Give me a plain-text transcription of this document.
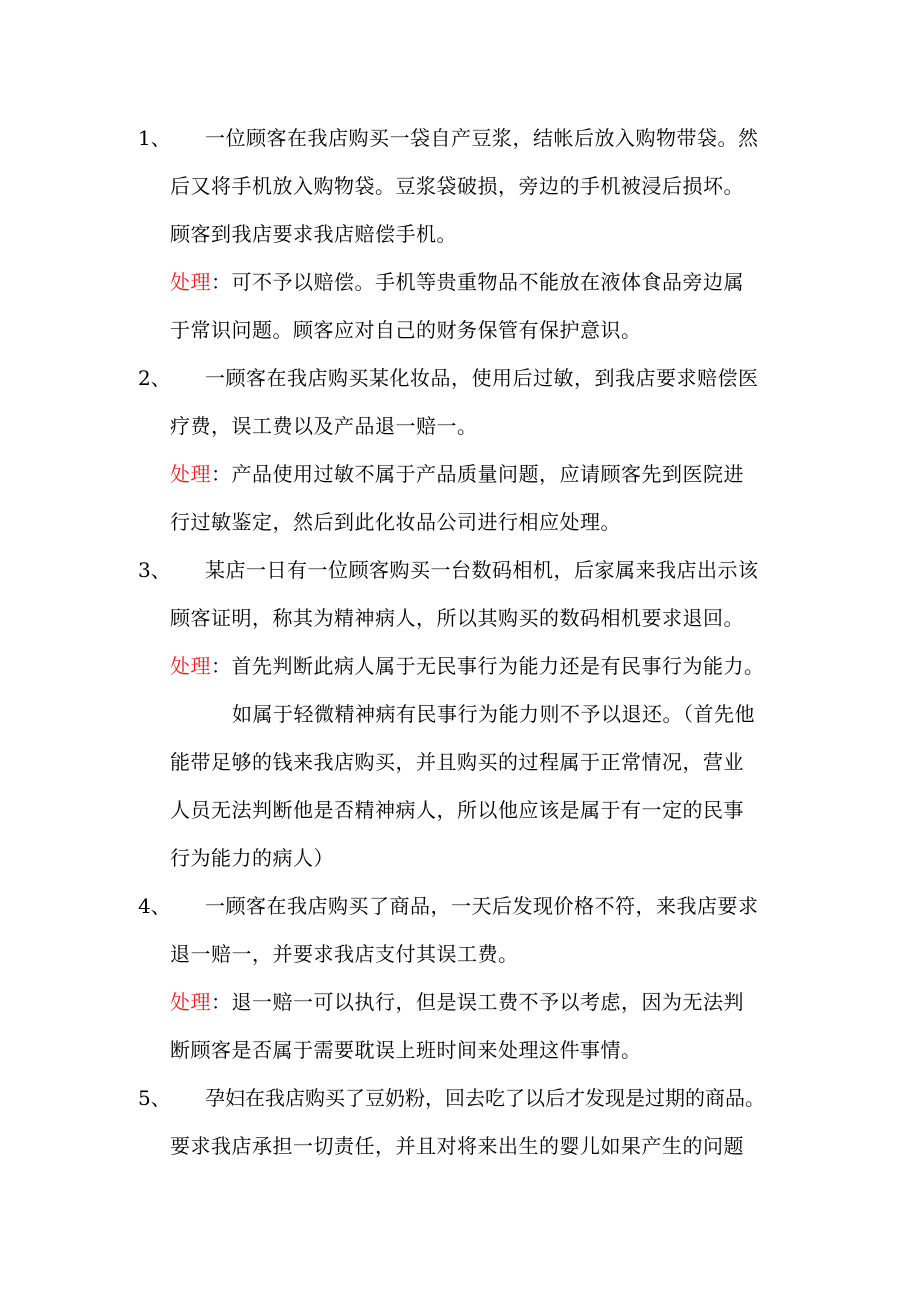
1、 一位顾客在我店购买一袋自产豆浆，结帐后放入购物带袋。然
后又将手机放入购物袋。豆浆袋破损，旁边的手机被浸后损坏。
顾客到我店要求我店赔偿手机。
处理：可不予以赔偿。手机等贵重物品不能放在液体食品旁边属
于常识问题。顾客应对自己的财务保管有保护意识。
2、 一顾客在我店购买某化妆品，使用后过敏，到我店要求赔偿医
疗费，误工费以及产品退一赔一。
处理：产品使用过敏不属于产品质量问题，应请顾客先到医院进
行过敏鉴定，然后到此化妆品公司进行相应处理。
3、 某店一日有一位顾客购买一台数码相机，后家属来我店出示该
顾客证明，称其为精神病人，所以其购买的数码相机要求退回。
处理：首先判断此病人属于无民事行为能力还是有民事行为能力。
如属于轻微精神病有民事行为能力则不予以退还。（首先他
能带足够的钱来我店购买，并且购买的过程属于正常情况，营业
人员无法判断他是否精神病人，所以他应该是属于有一定的民事
行为能力的病人）
4、 一顾客在我店购买了商品，一天后发现价格不符，来我店要求
退一赔一，并要求我店支付其误工费。
处理：退一赔一可以执行，但是误工费不予以考虑，因为无法判
断顾客是否属于需要耽误上班时间来处理这件事情。
5、 孕妇在我店购买了豆奶粉，回去吃了以后才发现是过期的商品。
要求我店承担一切责任，并且对将来出生的婴儿如果产生的问题
